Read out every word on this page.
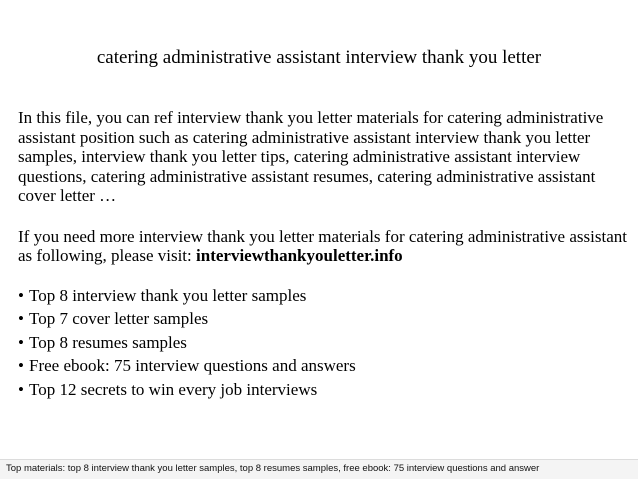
catering administrative assistant interview thank you letter

In this file, you can ref interview thank you letter materials for catering administrative assistant position such as catering administrative assistant interview thank you letter samples, interview thank you letter tips, catering administrative assistant interview questions, catering administrative assistant resumes, catering administrative assistant cover letter …

If you need more interview thank you letter materials for catering administrative assistant as following, please visit: interviewthankyouletter.info

• Top 8 interview thank you letter samples
• Top 7 cover letter samples
• Top 8 resumes samples
• Free ebook: 75 interview questions and answers
• Top 12 secrets to win every job interviews
Top materials: top 8 interview thank you letter samples, top 8 resumes samples, free ebook: 75 interview questions and answer
